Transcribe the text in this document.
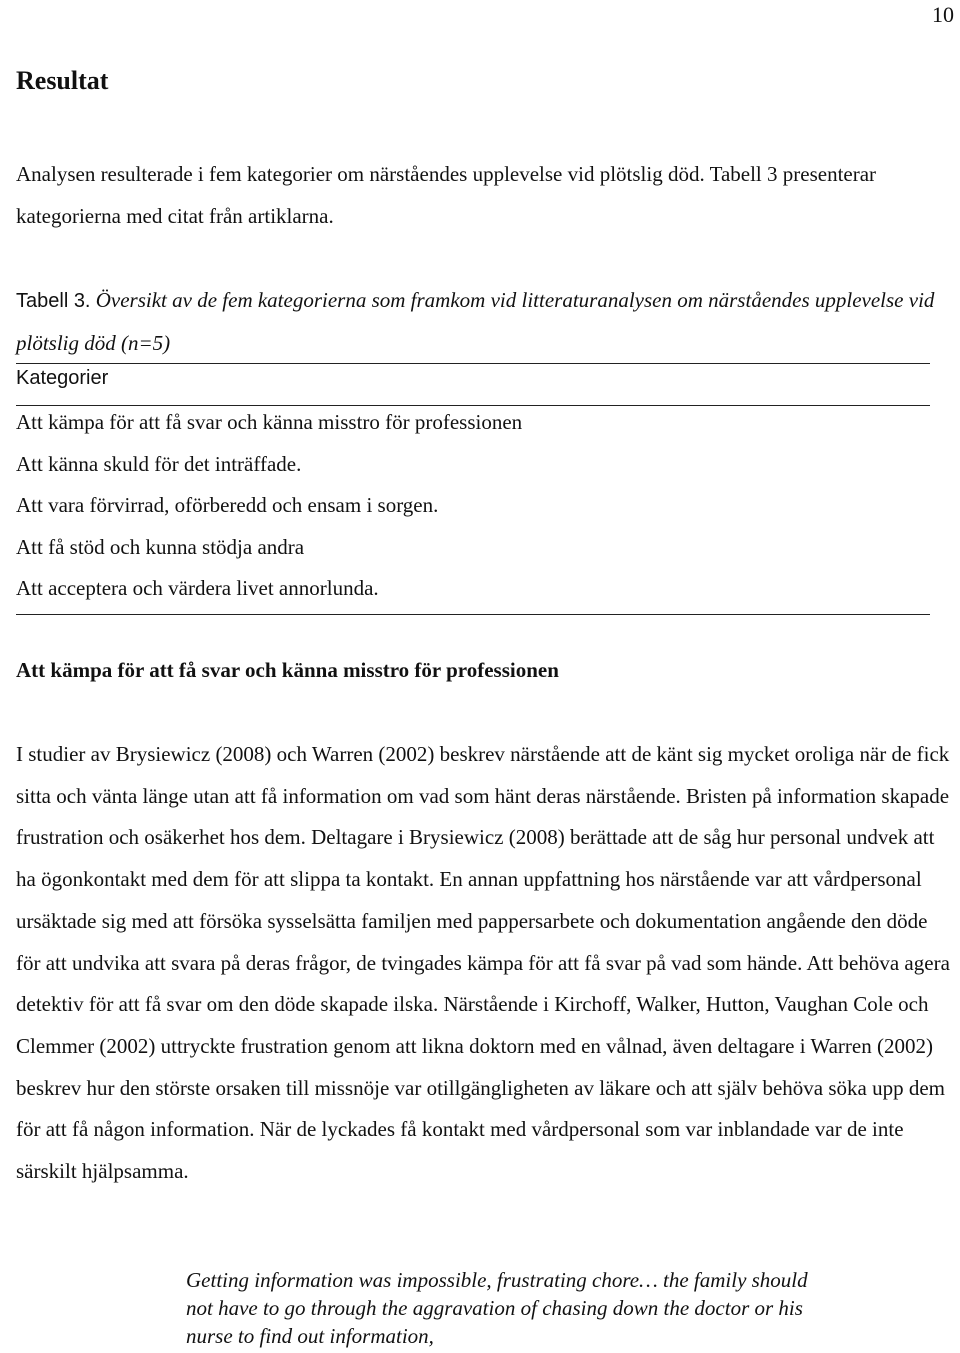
10
Resultat

Analysen resulterade i fem kategorier om närståendes upplevelse vid plötslig död. Tabell 3 presenterar kategorierna med citat från artiklarna.

Tabell 3. Översikt av de fem kategorierna som framkom vid litteraturanalysen om närståendes upplevelse vid plötslig död (n=5)

Kategorier
Att kämpa för att få svar och känna misstro för professionen
Att känna skuld för det inträffade.
Att vara förvirrad, oförberedd och ensam i sorgen.
Att få stöd och kunna stödja andra
Att acceptera och värdera livet annorlunda.
Att kämpa för att få svar och känna misstro för professionen

I studier av Brysiewicz (2008) och Warren (2002) beskrev närstående att de känt sig mycket oroliga när de fick sitta och vänta länge utan att få information om vad som hänt deras närstående. Bristen på information skapade frustration och osäkerhet hos dem. Deltagare i Brysiewicz (2008) berättade att de såg hur personal undvek att ha ögonkontakt med dem för att slippa ta kontakt. En annan uppfattning hos närstående var att vårdpersonal ursäktade sig med att försöka sysselsätta familjen med pappersarbete och dokumentation angående den döde för att undvika att svara på deras frågor, de tvingades kämpa för att få svar på vad som hände. Att behöva agera detektiv för att få svar om den döde skapade ilska. Närstående i Kirchoff, Walker, Hutton, Vaughan Cole och Clemmer (2002) uttryckte frustration genom att likna doktorn med en vålnad, även deltagare i Warren (2002) beskrev hur den störste orsaken till missnöje var otillgängligheten av läkare och att själv behöva söka upp dem för att få någon information. När de lyckades få kontakt med vårdpersonal som var inblandade var de inte särskilt hjälpsamma.

Getting information was impossible, frustrating chore… the family should not have to go through the aggravation of chasing down the doctor or his nurse to find out information,
